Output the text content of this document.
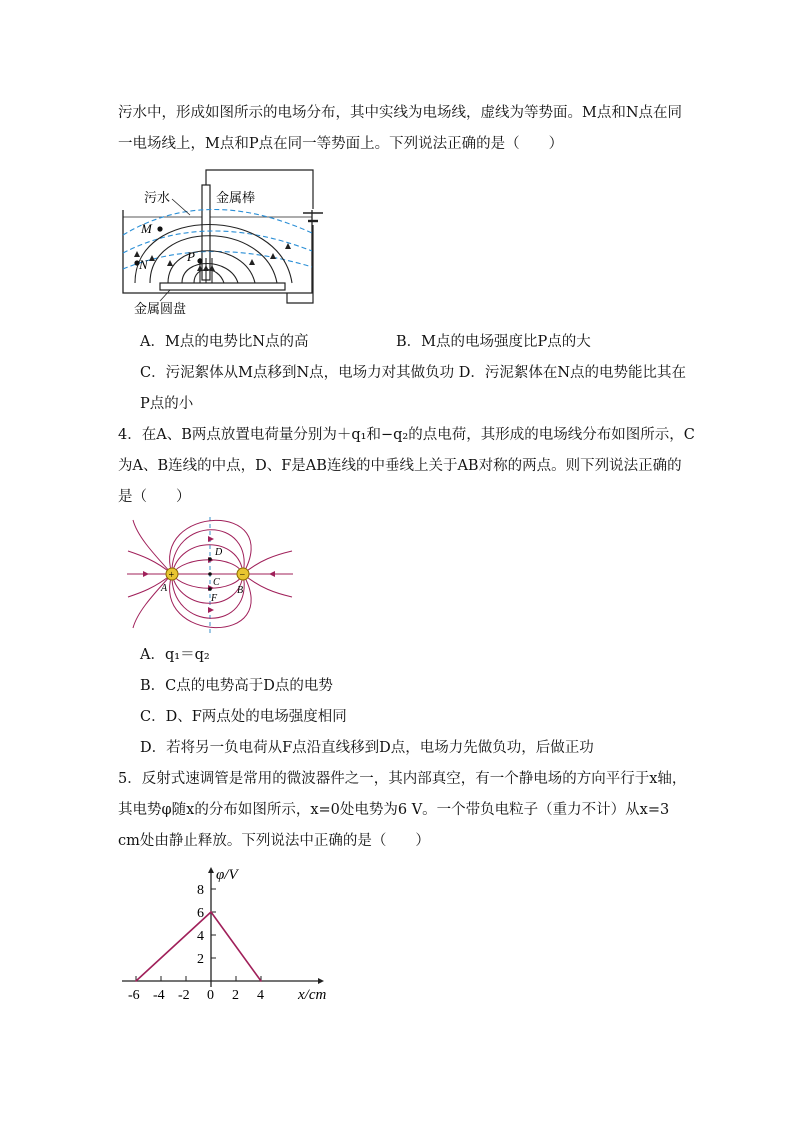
污水中，形成如图所示的电场分布，其中实线为电场线，虚线为等势面。M点和N点在同
一电场线上，M点和P点在同一等势面上。下列说法正确的是（　　）
污水	金属棒
M
N
P
金属圆盘
A．M点的电势比N点的高	B．M点的电场强度比P点的大
C．污泥絮体从M点移到N点，电场力对其做负功 D．污泥絮体在N点的电势能比其在
P点的小
4．在A、B两点放置电荷量分别为＋q₁和−q₂的点电荷，其形成的电场线分布如图所示，C
为A、B连线的中点，D、F是AB连线的中垂线上关于AB对称的两点。则下列说法正确的
是（　　）
+	−
D
C
F
A	B
A．q₁＝q₂
B．C点的电势高于D点的电势
C．D、F两点处的电场强度相同
D．若将另一负电荷从F点沿直线移到D点，电场力先做负功，后做正功
5．反射式速调管是常用的微波器件之一，其内部真空，有一个静电场的方向平行于x轴，
其电势φ随x的分布如图所示，x=0处电势为6 V。一个带负电粒子（重力不计）从x=3
cm处由静止释放。下列说法中正确的是（　　）
2
4
6
8
-6 -4 -2 0 2 4
φ/V
x/cm
